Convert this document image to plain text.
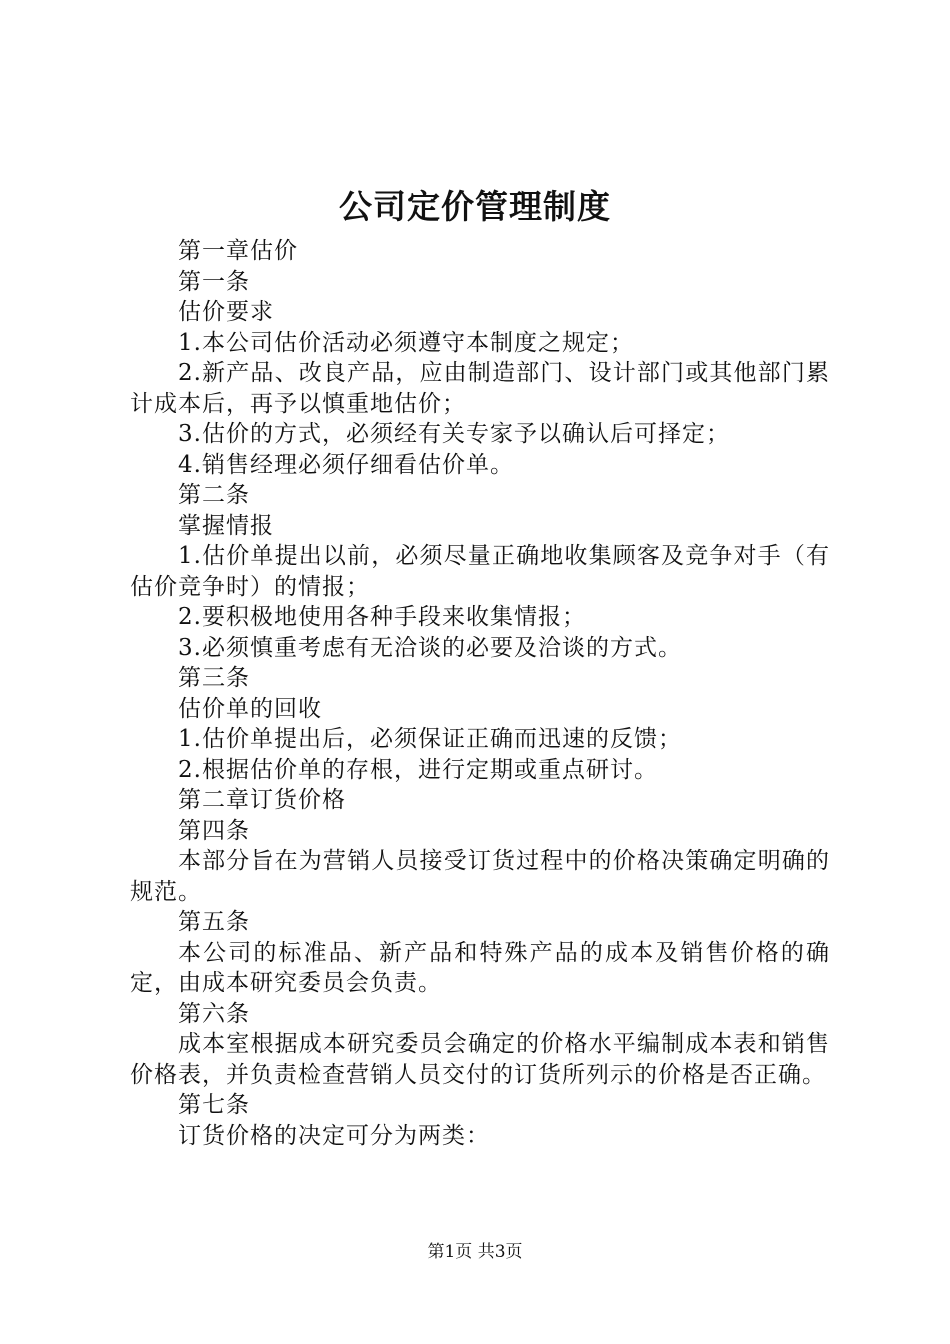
公司定价管理制度

第一章估价

第一条

估价要求

1.本公司估价活动必须遵守本制度之规定；

2.新产品、改良产品，应由制造部门、设计部门或其他部门累计成本后，再予以慎重地估价；

3.估价的方式，必须经有关专家予以确认后可择定；

4.销售经理必须仔细看估价单。

第二条

掌握情报

1.估价单提出以前，必须尽量正确地收集顾客及竞争对手（有估价竞争时）的情报；

2.要积极地使用各种手段来收集情报；

3.必须慎重考虑有无洽谈的必要及洽谈的方式。

第三条

估价单的回收

1.估价单提出后，必须保证正确而迅速的反馈；

2.根据估价单的存根，进行定期或重点研讨。

第二章订货价格

第四条

本部分旨在为营销人员接受订货过程中的价格决策确定明确的规范。

第五条

本公司的标准品、新产品和特殊产品的成本及销售价格的确定，由成本研究委员会负责。

第六条

成本室根据成本研究委员会确定的价格水平编制成本表和销售价格表，并负责检查营销人员交付的订货所列示的价格是否正确。

第七条

订货价格的决定可分为两类：

第1页 共3页
